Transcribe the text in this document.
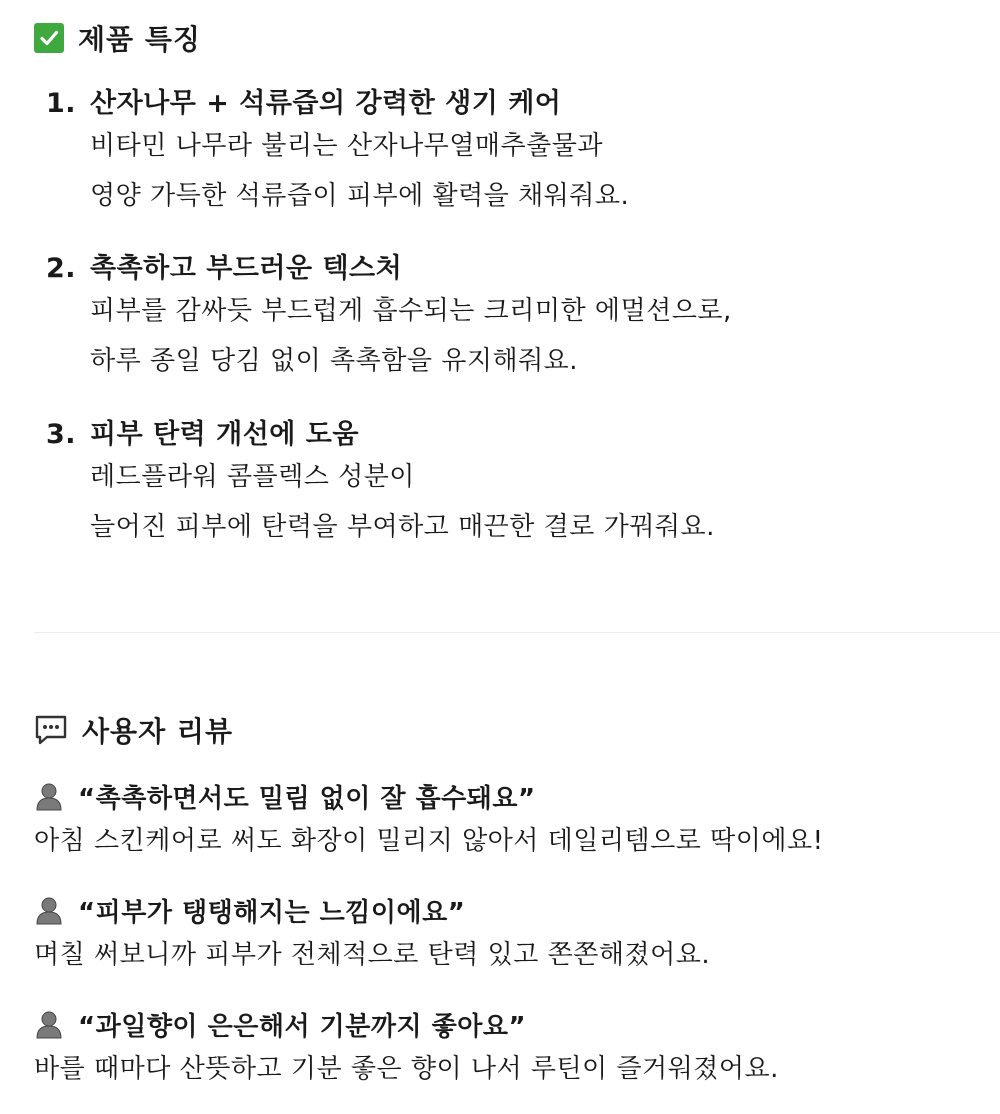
제품 특징
1. 산자나무 + 석류즙의 강력한 생기 케어
비타민 나무라 불리는 산자나무열매추출물과
영양 가득한 석류즙이 피부에 활력을 채워줘요.
2. 촉촉하고 부드러운 텍스처
피부를 감싸듯 부드럽게 흡수되는 크리미한 에멀션으로,
하루 종일 당김 없이 촉촉함을 유지해줘요.
3. 피부 탄력 개선에 도움
레드플라워 콤플렉스 성분이
늘어진 피부에 탄력을 부여하고 매끈한 결로 가꿔줘요.
사용자 리뷰
“촉촉하면서도 밀림 없이 잘 흡수돼요”
아침 스킨케어로 써도 화장이 밀리지 않아서 데일리템으로 딱이에요!
“피부가 탱탱해지는 느낌이에요”
며칠 써보니까 피부가 전체적으로 탄력 있고 쫀쫀해졌어요.
“과일향이 은은해서 기분까지 좋아요”
바를 때마다 산뜻하고 기분 좋은 향이 나서 루틴이 즐거워졌어요.
